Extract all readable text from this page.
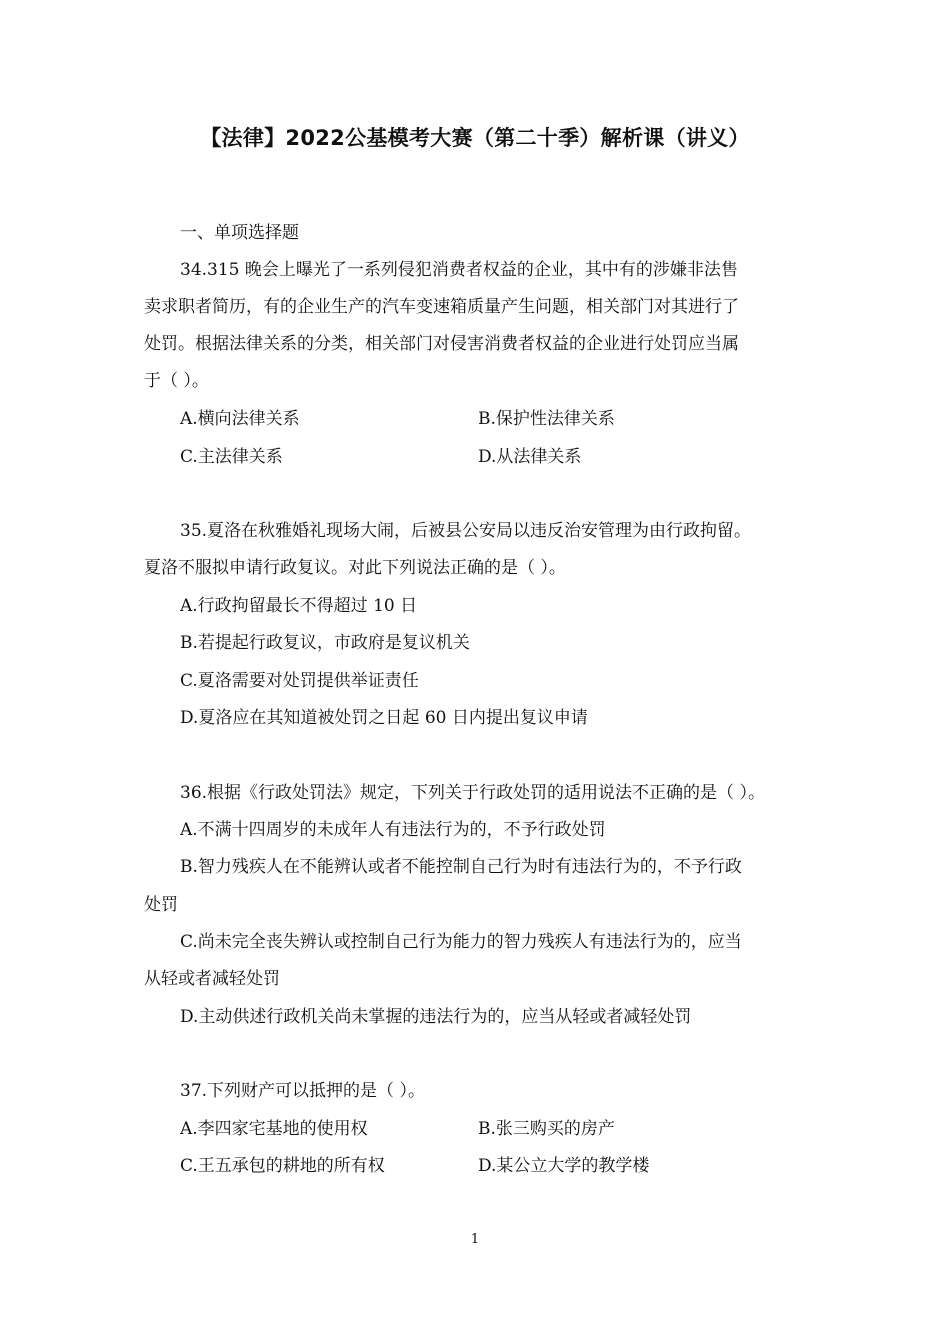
【法律】2022公基模考大赛（第二十季）解析课（讲义）
一、单项选择题
34.315 晚会上曝光了一系列侵犯消费者权益的企业，其中有的涉嫌非法售
卖求职者简历，有的企业生产的汽车变速箱质量产生问题，相关部门对其进行了
处罚。根据法律关系的分类，相关部门对侵害消费者权益的企业进行处罚应当属
于（ ）。
A.横向法律关系	B.保护性法律关系
C.主法律关系	D.从法律关系
35.夏洛在秋雅婚礼现场大闹，后被县公安局以违反治安管理为由行政拘留。
夏洛不服拟申请行政复议。对此下列说法正确的是（ ）。
A.行政拘留最长不得超过 10 日
B.若提起行政复议，市政府是复议机关
C.夏洛需要对处罚提供举证责任
D.夏洛应在其知道被处罚之日起 60 日内提出复议申请
36.根据《行政处罚法》规定，下列关于行政处罚的适用说法不正确的是（ ）。
A.不满十四周岁的未成年人有违法行为的，不予行政处罚
B.智力残疾人在不能辨认或者不能控制自己行为时有违法行为的，不予行政
处罚
C.尚未完全丧失辨认或控制自己行为能力的智力残疾人有违法行为的，应当
从轻或者减轻处罚
D.主动供述行政机关尚未掌握的违法行为的，应当从轻或者减轻处罚
37.下列财产可以抵押的是（ ）。
A.李四家宅基地的使用权	B.张三购买的房产
C.王五承包的耕地的所有权	D.某公立大学的教学楼
1
